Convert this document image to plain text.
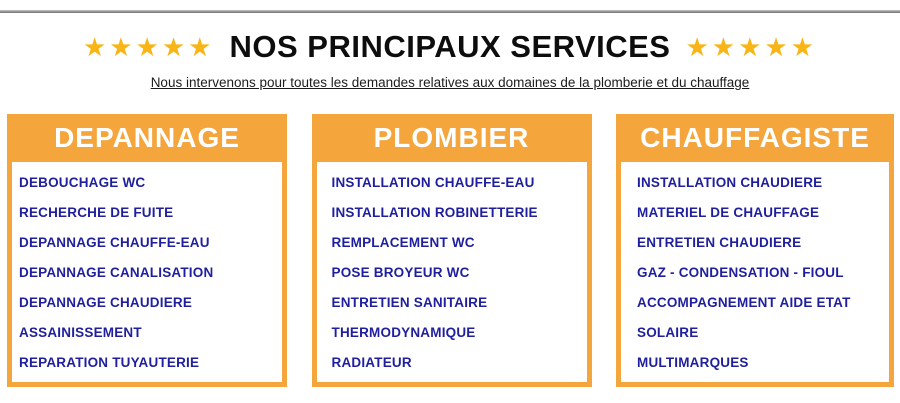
★★★★★ NOS PRINCIPAUX SERVICES ★★★★★
Nous intervenons pour toutes les demandes relatives aux domaines de la plomberie et du chauffage
DEPANNAGE
DEBOUCHAGE WC
RECHERCHE DE FUITE
DEPANNAGE CHAUFFE-EAU
DEPANNAGE CANALISATION
DEPANNAGE CHAUDIERE
ASSAINISSEMENT
REPARATION TUYAUTERIE
PLOMBIER
INSTALLATION CHAUFFE-EAU
INSTALLATION ROBINETTERIE
REMPLACEMENT WC
POSE BROYEUR WC
ENTRETIEN SANITAIRE
THERMODYNAMIQUE
RADIATEUR
CHAUFFAGISTE
INSTALLATION CHAUDIERE
MATERIEL DE CHAUFFAGE
ENTRETIEN CHAUDIERE
GAZ - CONDENSATION - FIOUL
ACCOMPAGNEMENT AIDE ETAT
SOLAIRE
MULTIMARQUES
